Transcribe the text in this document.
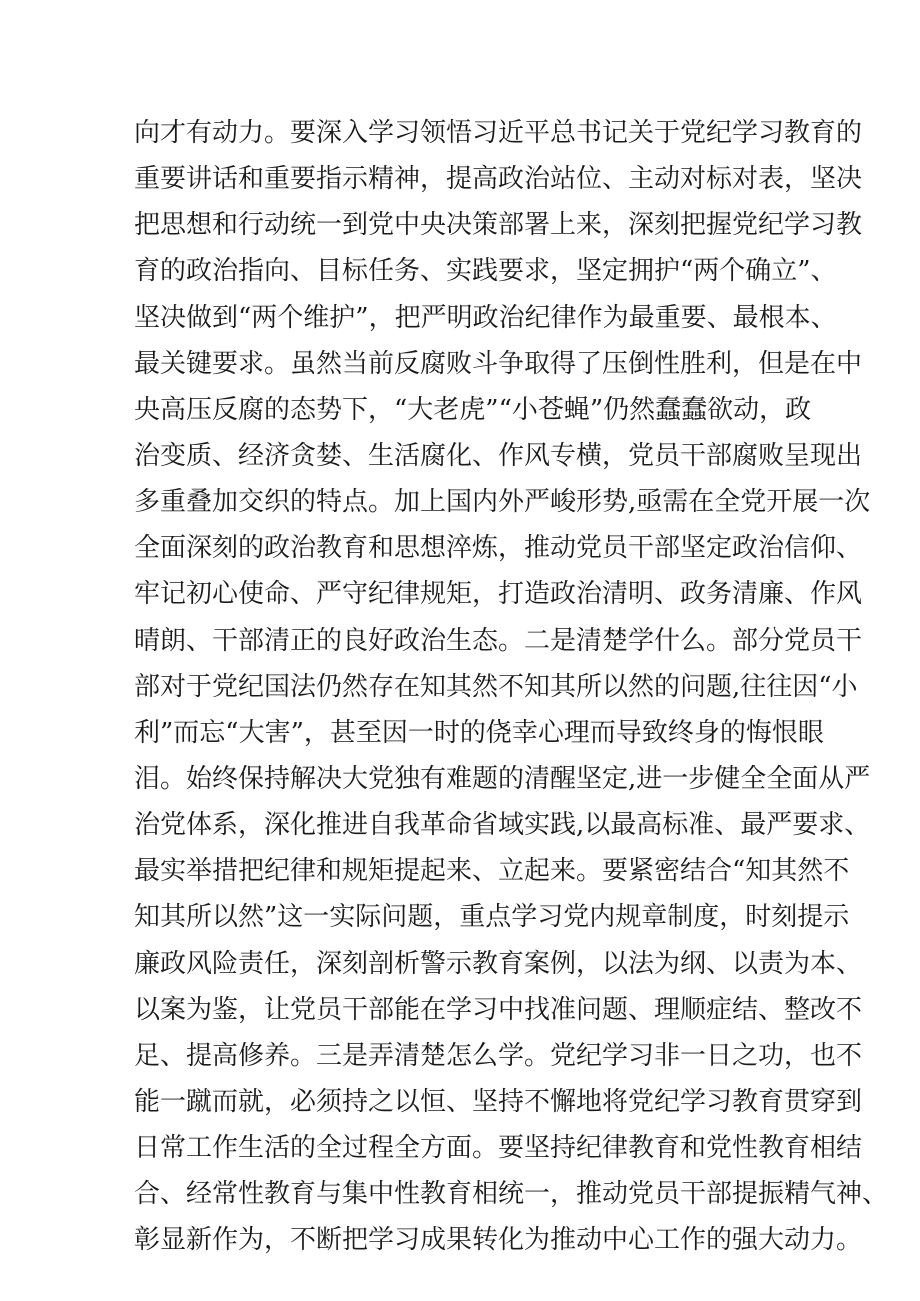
向才有动力。要深入学习领悟习近平总书记关于党纪学习教育的
重要讲话和重要指示精神，提高政治站位、主动对标对表，坚决
把思想和行动统一到党中央决策部署上来，深刻把握党纪学习教
育的政治指向、目标任务、实践要求，坚定拥护“两个确立”、
坚决做到“两个维护”，把严明政治纪律作为最重要、最根本、
最关键要求。虽然当前反腐败斗争取得了压倒性胜利，但是在中
央高压反腐的态势下，“大老虎”“小苍蝇”仍然蠢蠢欲动，政
治变质、经济贪婪、生活腐化、作风专横，党员干部腐败呈现出
多重叠加交织的特点。加上国内外严峻形势,亟需在全党开展一次
全面深刻的政治教育和思想淬炼，推动党员干部坚定政治信仰、
牢记初心使命、严守纪律规矩，打造政治清明、政务清廉、作风
晴朗、干部清正的良好政治生态。二是清楚学什么。部分党员干
部对于党纪国法仍然存在知其然不知其所以然的问题,往往因“小
利”而忘“大害”，甚至因一时的侥幸心理而导致终身的悔恨眼
泪。始终保持解决大党独有难题的清醒坚定,进一步健全全面从严
治党体系，深化推进自我革命省域实践,以最高标准、最严要求、
最实举措把纪律和规矩提起来、立起来。要紧密结合“知其然不
知其所以然”这一实际问题，重点学习党内规章制度，时刻提示
廉政风险责任，深刻剖析警示教育案例，以法为纲、以责为本、
以案为鉴，让党员干部能在学习中找准问题、理顺症结、整改不
足、提高修养。三是弄清楚怎么学。党纪学习非一日之功，也不
能一蹴而就，必须持之以恒、坚持不懈地将党纪学习教育贯穿到
日常工作生活的全过程全方面。要坚持纪律教育和党性教育相结
合、经常性教育与集中性教育相统一，推动党员干部提振精气神、
彰显新作为，不断把学习成果转化为推动中心工作的强大动力。
